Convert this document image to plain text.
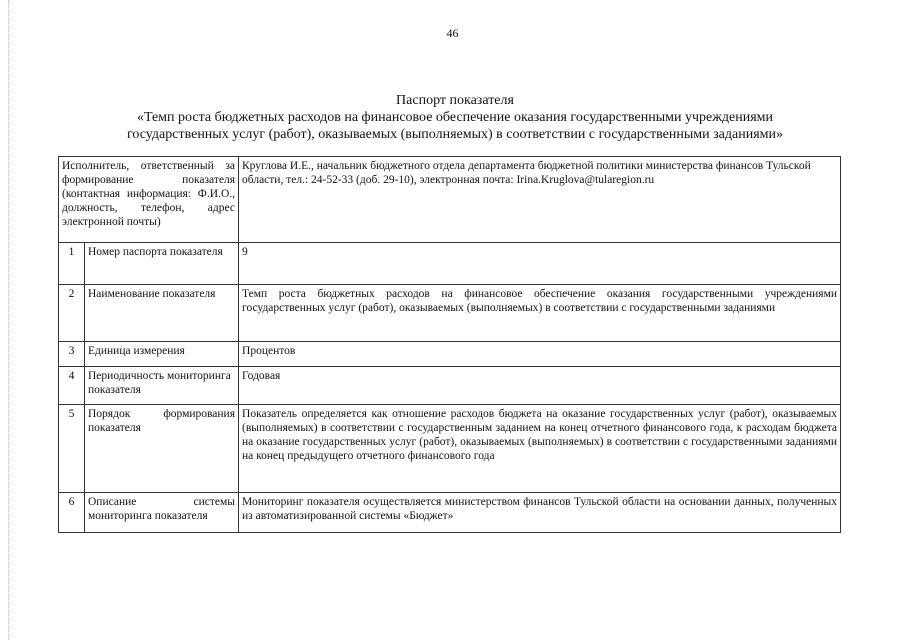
46
Паспорт показателя
«Темп роста бюджетных расходов на финансовое обеспечение оказания государственными учреждениями
государственных услуг (работ), оказываемых (выполняемых) в соответствии с государственными заданиями»
Исполнитель, ответственный за формирование показателя (контактная информация: Ф.И.О., должность, телефон, адрес электронной почты)		Круглова И.Е., начальник бюджетного отдела департамента бюджетной политики министерства финансов Тульской области, тел.: 24-52-33 (доб. 29-10), электронная почта: Irina.Kruglova@tularegion.ru
1	Номер паспорта показателя	9
2	Наименование показателя	Темп роста бюджетных расходов на финансовое обеспечение оказания государственными учреждениями государственных услуг (работ), оказываемых (выполняемых) в соответствии с государственными заданиями
3	Единица измерения	Процентов
4	Периодичность мониторинга показателя	Годовая
5	Порядок формирования показателя	Показатель определяется как отношение расходов бюджета на оказание государственных услуг (работ), оказываемых (выполняемых) в соответствии с государственным заданием на конец отчетного финансового года, к расходам бюджета на оказание государственных услуг (работ), оказываемых (выполняемых) в соответствии с государственными заданиями на конец предыдущего отчетного финансового года
6	Описание системы мониторинга показателя	Мониторинг показателя осуществляется министерством финансов Тульской области на основании данных, полученных из автоматизированной системы «Бюджет»
